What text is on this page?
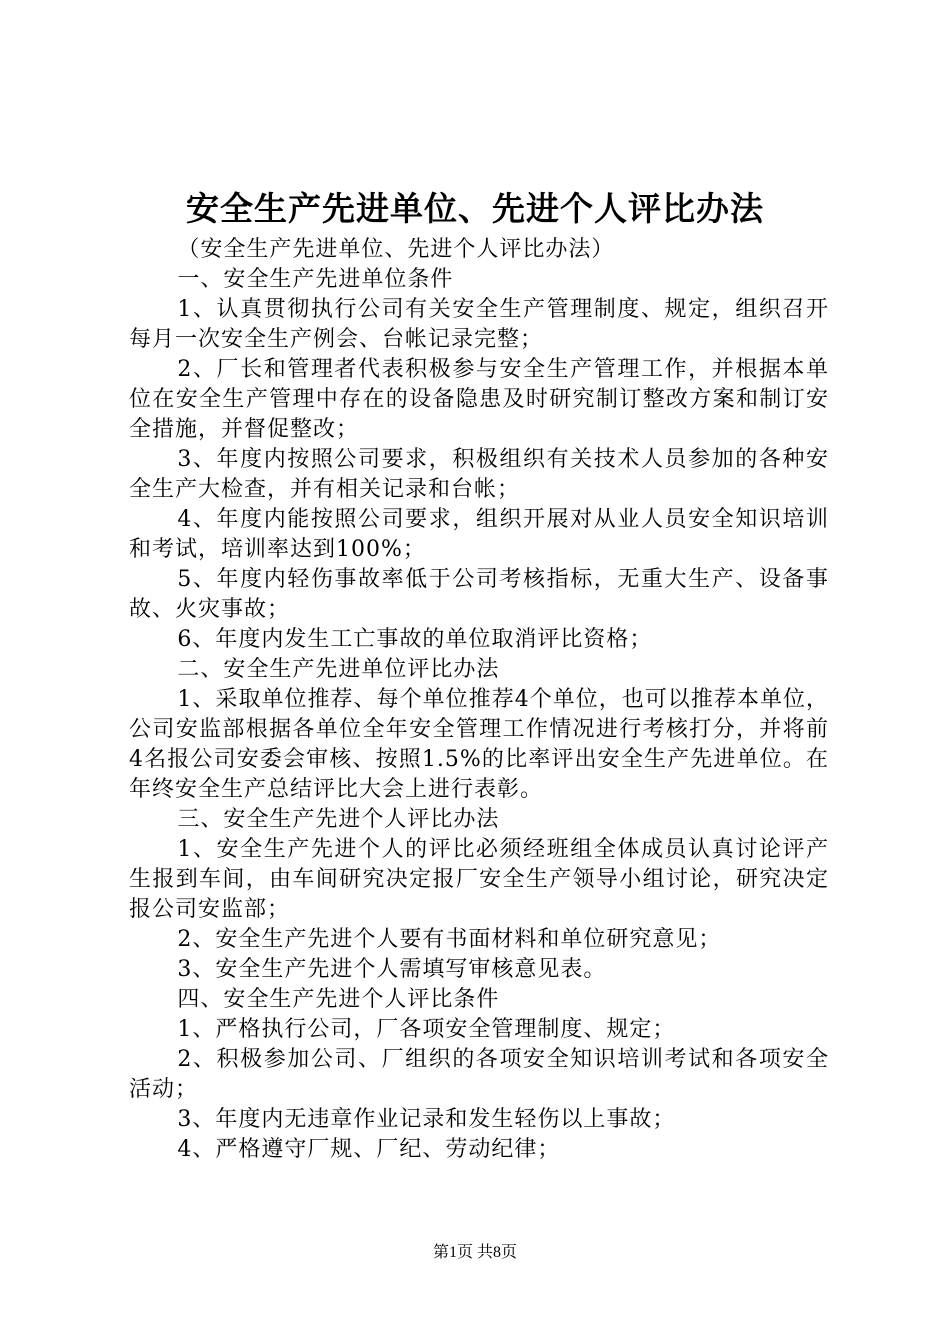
安全生产先进单位、先进个人评比办法

（安全生产先进单位、先进个人评比办法）

一、安全生产先进单位条件

1、认真贯彻执行公司有关安全生产管理制度、规定，组织召开每月一次安全生产例会、台帐记录完整；

2、厂长和管理者代表积极参与安全生产管理工作，并根据本单位在安全生产管理中存在的设备隐患及时研究制订整改方案和制订安全措施，并督促整改；

3、年度内按照公司要求，积极组织有关技术人员参加的各种安全生产大检查，并有相关记录和台帐；

4、年度内能按照公司要求，组织开展对从业人员安全知识培训和考试，培训率达到100%；

5、年度内轻伤事故率低于公司考核指标，无重大生产、设备事故、火灾事故；

6、年度内发生工亡事故的单位取消评比资格；

二、安全生产先进单位评比办法

1、采取单位推荐、每个单位推荐4个单位，也可以推荐本单位，公司安监部根据各单位全年安全管理工作情况进行考核打分，并将前4名报公司安委会审核、按照1.5%的比率评出安全生产先进单位。在年终安全生产总结评比大会上进行表彰。

三、安全生产先进个人评比办法

1、安全生产先进个人的评比必须经班组全体成员认真讨论评产生报到车间，由车间研究决定报厂安全生产领导小组讨论，研究决定报公司安监部；

2、安全生产先进个人要有书面材料和单位研究意见；

3、安全生产先进个人需填写审核意见表。

四、安全生产先进个人评比条件

1、严格执行公司，厂各项安全管理制度、规定；

2、积极参加公司、厂组织的各项安全知识培训考试和各项安全活动；

3、年度内无违章作业记录和发生轻伤以上事故；

4、严格遵守厂规、厂纪、劳动纪律；

第1页 共8页
